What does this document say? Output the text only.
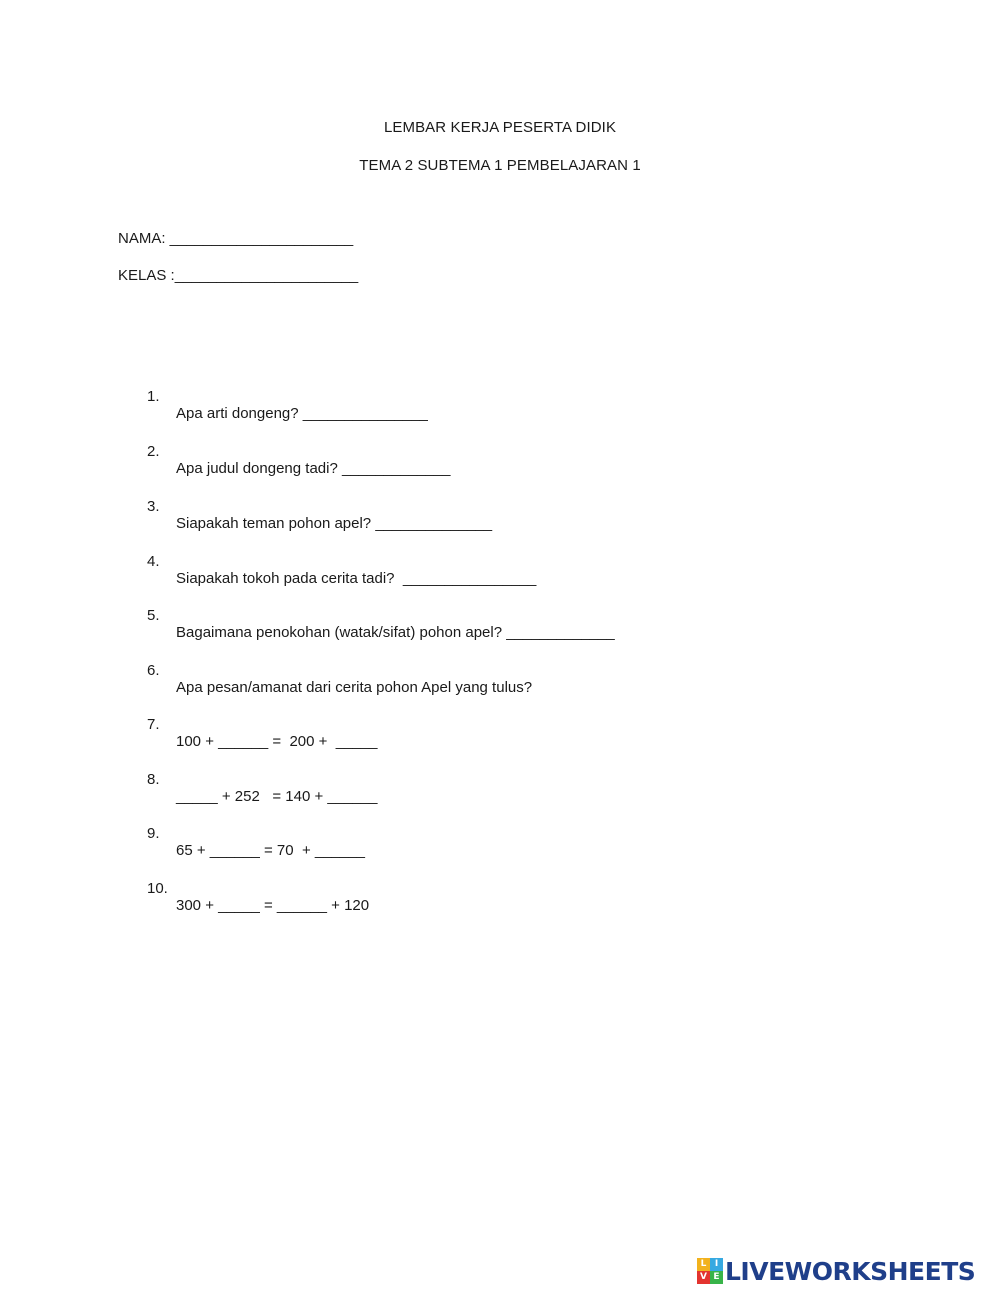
LEMBAR KERJA PESERTA DIDIK
TEMA 2 SUBTEMA 1 PEMBELAJARAN 1
NAMA: ______________________
KELAS :______________________

1.

Apa arti dongeng? _______________

2.

Apa judul dongeng tadi? _____________

3.

Siapakah teman pohon apel? ______________

4.

Siapakah tokoh pada cerita tadi?  ________________

5.

Bagaimana penokohan (watak/sifat) pohon apel? _____________

6.

Apa pesan/amanat dari cerita pohon Apel yang tulus?

7.

100 + ______ =  200 +  _____

8.

_____ + 252   = 140 + ______

9.

65 + ______ = 70  + ______

10.

300 + _____ = ______ + 120

L I
V E LIVEWORKSHEETS
